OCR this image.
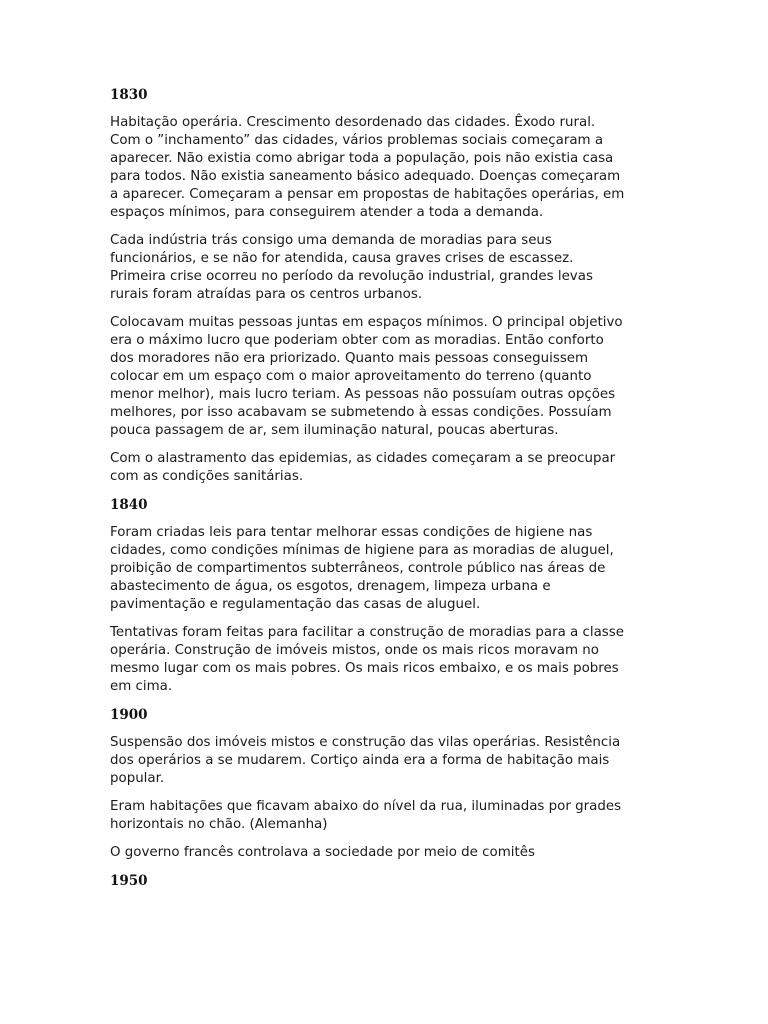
1830
Habitação operária. Crescimento desordenado das cidades. Êxodo rural.
Com o ”inchamento” das cidades, vários problemas sociais começaram a
aparecer. Não existia como abrigar toda a população, pois não existia casa
para todos. Não existia saneamento básico adequado. Doenças começaram
a aparecer. Começaram a pensar em propostas de habitações operárias, em
espaços mínimos, para conseguirem atender a toda a demanda.
Cada indústria trás consigo uma demanda de moradias para seus
funcionários, e se não for atendida, causa graves crises de escassez.
Primeira crise ocorreu no período da revolução industrial, grandes levas
rurais foram atraídas para os centros urbanos.
Colocavam muitas pessoas juntas em espaços mínimos. O principal objetivo
era o máximo lucro que poderiam obter com as moradias. Então conforto
dos moradores não era priorizado. Quanto mais pessoas conseguissem
colocar em um espaço com o maior aproveitamento do terreno (quanto
menor melhor), mais lucro teriam. As pessoas não possuíam outras opções
melhores, por isso acabavam se submetendo à essas condições. Possuíam
pouca passagem de ar, sem iluminação natural, poucas aberturas.
Com o alastramento das epidemias, as cidades começaram a se preocupar
com as condições sanitárias.
1840
Foram criadas leis para tentar melhorar essas condições de higiene nas
cidades, como condições mínimas de higiene para as moradias de aluguel,
proibição de compartimentos subterrâneos, controle público nas áreas de
abastecimento de água, os esgotos, drenagem, limpeza urbana e
pavimentação e regulamentação das casas de aluguel.
Tentativas foram feitas para facilitar a construção de moradias para a classe
operária. Construção de imóveis mistos, onde os mais ricos moravam no
mesmo lugar com os mais pobres. Os mais ricos embaixo, e os mais pobres
em cima.
1900
Suspensão dos imóveis mistos e construção das vilas operárias. Resistência
dos operários a se mudarem. Cortiço ainda era a forma de habitação mais
popular.
Eram habitações que ficavam abaixo do nível da rua, iluminadas por grades
horizontais no chão. (Alemanha)
O governo francês controlava a sociedade por meio de comitês
1950
